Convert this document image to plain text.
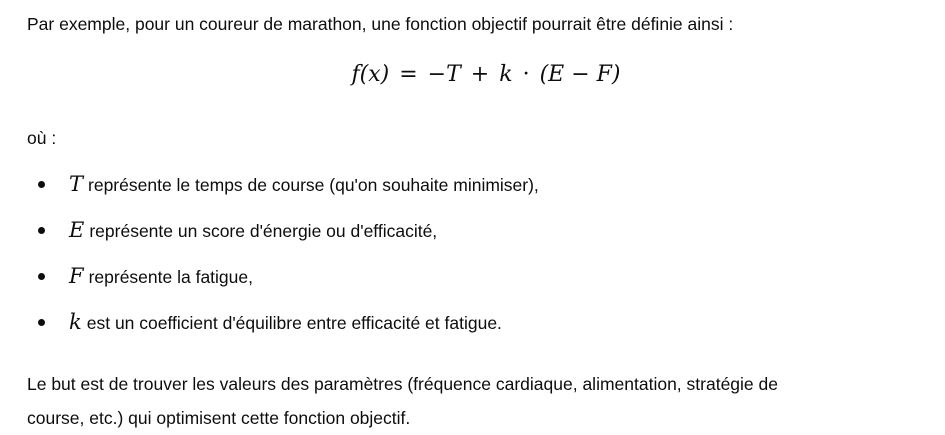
Par exemple, pour un coureur de marathon, une fonction objectif pourrait être définie ainsi :

f(x) = −T + k · (E − F)

où :

T représente le temps de course (qu'on souhaite minimiser),
E représente un score d'énergie ou d'efficacité,
F représente la fatigue,
k est un coefficient d'équilibre entre efficacité et fatigue.
Le but est de trouver les valeurs des paramètres (fréquence cardiaque, alimentation, stratégie de
course, etc.) qui optimisent cette fonction objectif.
